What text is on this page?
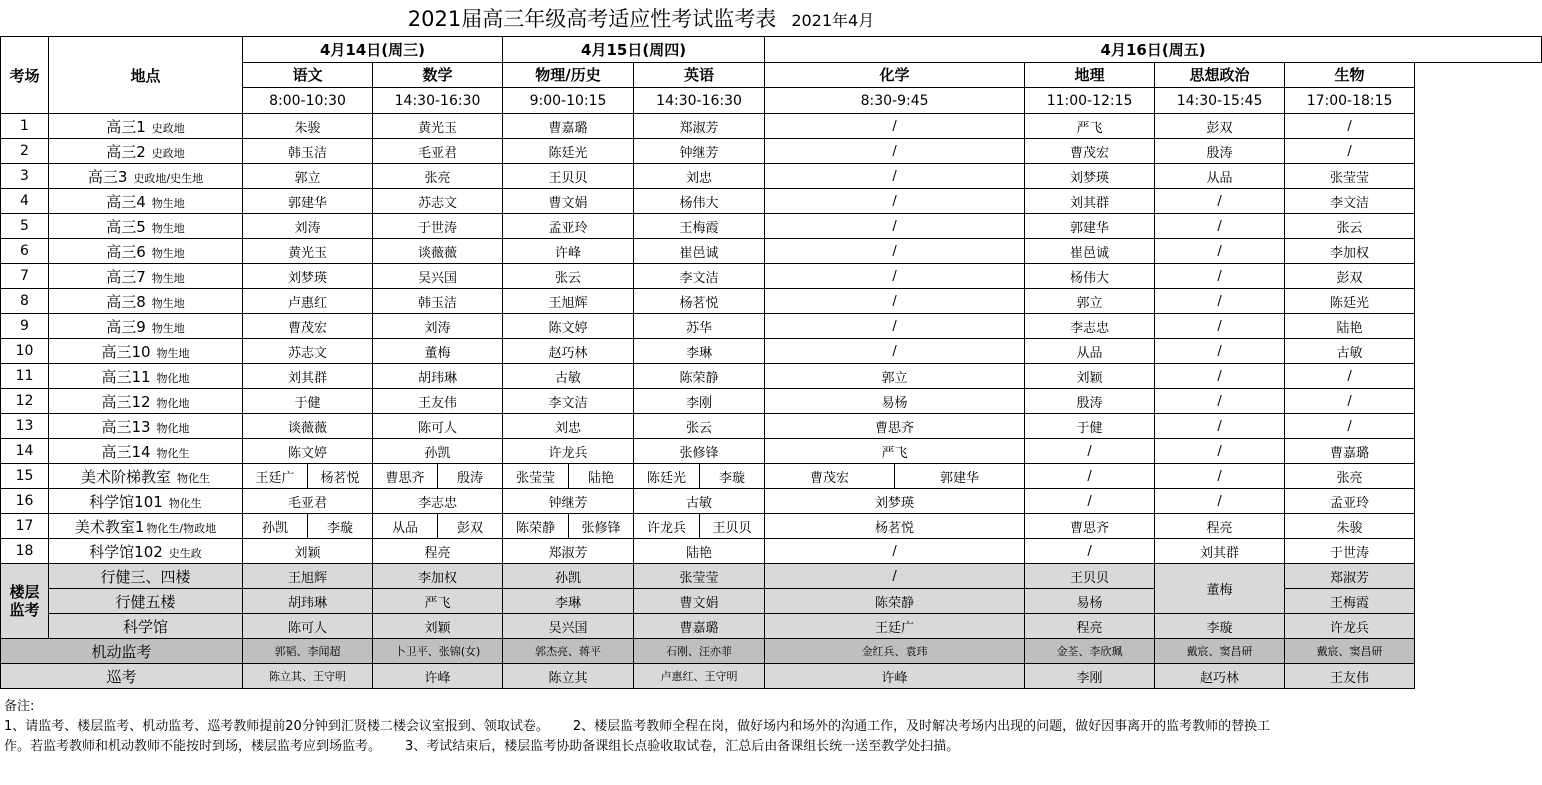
2021届高三年级高考适应性考试监考表 2021年4月
考场	地点	4月14日(周三)				4月15日(周四)				4月16日(周五)				
		语文		数学		物理/历史		英语		化学		地理	思想政治	生物
		8:00-10:30		14:30-16:30		9:00-10:15		14:30-16:30		8:30-9:45		11:00-12:15	14:30-15:45	17:00-18:15
1	高三1 史政地	朱骏		黄光玉		曹嘉璐		郑淑芳		/		严飞	彭双	/
2	高三2 史政地	韩玉洁		毛亚君		陈廷光		钟继芳		/		曹茂宏	殷涛	/
3	高三3 史政地/史生地	郭立		张亮		王贝贝		刘忠		/		刘梦瑛	从品	张莹莹
4	高三4 物生地	郭建华		苏志文		曹文娟		杨伟大		/		刘其群	/	李文洁
5	高三5 物生地	刘涛		于世涛		孟亚玲		王梅霞		/		郭建华	/	张云
6	高三6 物生地	黄光玉		谈薇薇		许峰		崔邑诚		/		崔邑诚	/	李加权
7	高三7 物生地	刘梦瑛		吴兴国		张云		李文洁		/		杨伟大	/	彭双
8	高三8 物生地	卢惠红		韩玉洁		王旭辉		杨茗悦		/		郭立	/	陈廷光
9	高三9 物生地	曹茂宏		刘涛		陈文婷		苏华		/		李志忠	/	陆艳
10	高三10 物生地	苏志文		董梅		赵巧林		李琳		/		从品	/	古敏
11	高三11 物化地	刘其群		胡玮琳		古敏		陈荣静		郭立		刘颖	/	/
12	高三12 物化地	于健		王友伟		李文洁		李刚		易杨		殷涛	/	/
13	高三13 物化地	谈薇薇		陈可人		刘忠		张云		曹思齐		于健	/	/
14	高三14 物化生	陈文婷		孙凯		许龙兵		张修锋		严飞		/	/	曹嘉璐
15	美术阶梯教室 物化生	王廷广	杨茗悦	曹思齐	殷涛	张莹莹	陆艳	陈廷光	李璇	曹茂宏	郭建华	/	/	张亮
16	科学馆101 物化生	毛亚君		李志忠		钟继芳		古敏		刘梦瑛		/	/	孟亚玲
17	美术教室1 物化生/物政地	孙凯	李璇	从品	彭双	陈荣静	张修锋	许龙兵	王贝贝	杨茗悦		曹思齐	程亮	朱骏
18	科学馆102 史生政	刘颖		程亮		郑淑芳		陆艳		/		/	刘其群	于世涛
楼层监考	行健三、四楼	王旭辉		李加权		孙凯		张莹莹		/		王贝贝	董梅	郑淑芳
	行健五楼	胡玮琳		严飞		李琳		曹文娟		陈荣静		易杨		王梅霞
	科学馆	陈可人		刘颖		吴兴国		曹嘉璐		王廷广		程亮	李璇	许龙兵
机动监考		郭韬、李闻超		卜卫平、张锦(女)		郭杰亮、蒋平		石刚、汪亦菲		金红兵、袁玮		金荃、李欣珮	戴宸、窦昌研	戴宸、窦昌研
巡考		陈立其、王守明		许峰		陈立其		卢惠红、王守明		许峰		李刚	赵巧林	王友伟
备注:
1、请监考、楼层监考、机动监考、巡考教师提前20分钟到汇贤楼二楼会议室报到、领取试卷。 2、楼层监考教师全程在岗，做好场内和场外的沟通工作，及时解决考场内出现的问题，做好因事离开的监考教师的替换工作。若监考教师和机动教师不能按时到场，楼层监考应到场监考。 3、考试结束后，楼层监考协助备课组长点验收取试卷，汇总后由备课组长统一送至教学处扫描。
